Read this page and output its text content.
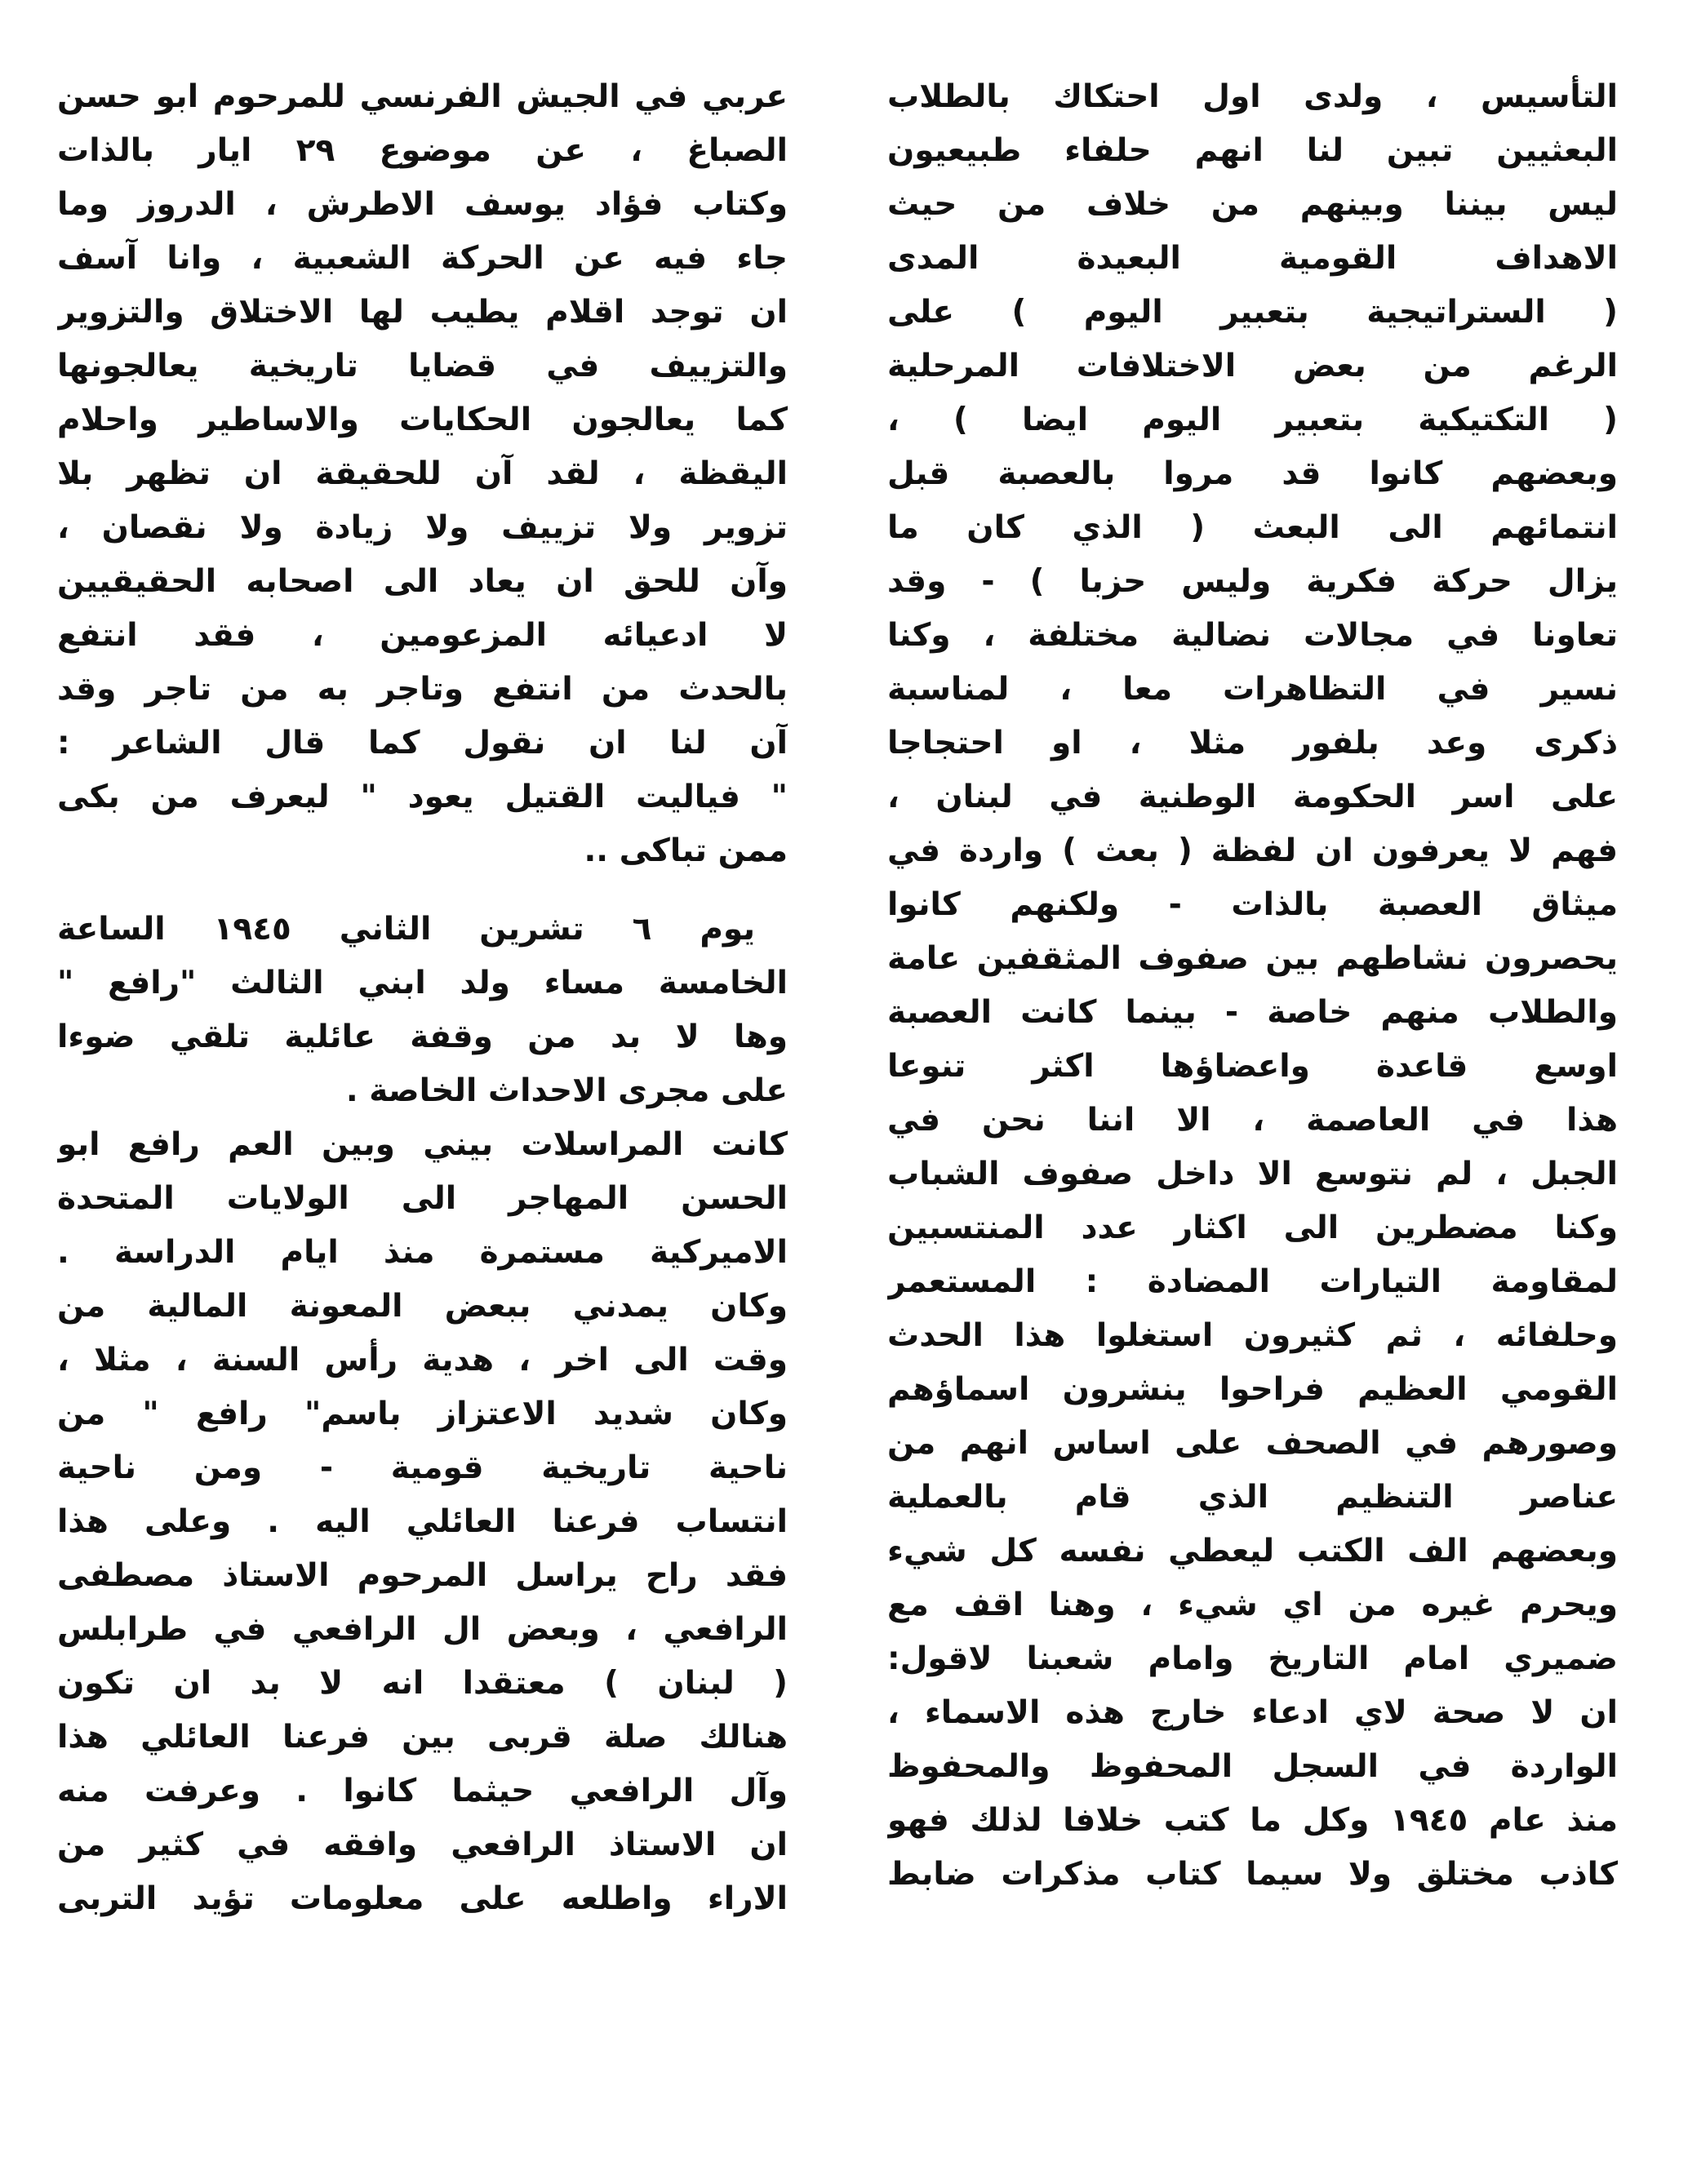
التأسيس ، ولدى اول احتكاك بالطلاب
البعثيين تبين لنا انهم حلفاء طبيعيون
ليس بيننا وبينهم من خلاف من حيث
الاهداف القومية البعيدة المدى
( الستراتيجية بتعبير اليوم ) على
الرغم من بعض الاختلافات المرحلية
( التكتيكية بتعبير اليوم ايضا ) ،
وبعضهم كانوا قد مروا بالعصبة قبل
انتمائهم الى البعث ( الذي كان ما
يزال حركة فكرية وليس حزبا ) - وقد
تعاونا في مجالات نضالية مختلفة ، وكنا
نسير في التظاهرات معا ، لمناسبة
ذكرى وعد بلفور مثلا ، او احتجاجا
على اسر الحكومة الوطنية في لبنان ،
فهم لا يعرفون ان لفظة ( بعث ) واردة في
ميثاق العصبة بالذات - ولكنهم كانوا
يحصرون نشاطهم بين صفوف المثقفين عامة
والطلاب منهم خاصة - بينما كانت العصبة
اوسع قاعدة واعضاؤها اكثر تنوعا
هذا في العاصمة ، الا اننا نحن في
الجبل ، لم نتوسع الا داخل صفوف الشباب
وكنا مضطرين الى اكثار عدد المنتسبين
لمقاومة التيارات المضادة : المستعمر
وحلفائه ، ثم كثيرون استغلوا هذا الحدث
القومي العظيم فراحوا ينشرون اسماؤهم
وصورهم في الصحف على اساس انهم من
عناصر التنظيم الذي قام بالعملية
وبعضهم الف الكتب ليعطي نفسه كل شيء
ويحرم غيره من اي شيء ، وهنا اقف مع
ضميري امام التاريخ وامام شعبنا لاقول:
ان لا صحة لاي ادعاء خارج هذه الاسماء ،
الواردة في السجل المحفوظ والمحفوظ
منذ عام ١٩٤٥ وكل ما كتب خلافا لذلك فهو
كاذب مختلق ولا سيما كتاب مذكرات ضابط
عربي في الجيش الفرنسي للمرحوم ابو حسن
الصباغ ، عن موضوع ٢٩ ايار بالذات
وكتاب فؤاد يوسف الاطرش ، الدروز وما
جاء فيه عن الحركة الشعبية ، وانا آسف
ان توجد اقلام يطيب لها الاختلاق والتزوير
والتزييف في قضايا تاريخية يعالجونها
كما يعالجون الحكايات والاساطير واحلام
اليقظة ، لقد آن للحقيقة ان تظهر بلا
تزوير ولا تزييف ولا زيادة ولا نقصان ،
وآن للحق ان يعاد الى اصحابه الحقيقيين
لا ادعيائه المزعومين ، فقد انتفع
بالحدث من انتفع وتاجر به من تاجر وقد
آن لنا ان نقول كما قال الشاعر :
" فياليت القتيل يعود " ليعرف من بكى
ممن تباكى ..
يوم ٦ تشرين الثاني ١٩٤٥ الساعة
الخامسة مساء ولد ابني الثالث "رافع "
وها لا بد من وقفة عائلية تلقي ضوءا
على مجرى الاحداث الخاصة .
كانت المراسلات بيني وبين العم رافع ابو
الحسن المهاجر الى الولايات المتحدة
الاميركية مستمرة منذ ايام الدراسة .
وكان يمدني ببعض المعونة المالية من
وقت الى اخر ، هدية رأس السنة ، مثلا ،
وكان شديد الاعتزاز باسم" رافع " من
ناحية تاريخية قومية - ومن ناحية
انتساب فرعنا العائلي اليه . وعلى هذا
فقد راح يراسل المرحوم الاستاذ مصطفى
الرافعي ، وبعض ال الرافعي في طرابلس
( لبنان ) معتقدا انه لا بد ان تكون
هنالك صلة قربى بين فرعنا العائلي هذا
وآل الرافعي حيثما كانوا . وعرفت منه
ان الاستاذ الرافعي وافقه في كثير من
الاراء واطلعه على معلومات تؤيد التربى
